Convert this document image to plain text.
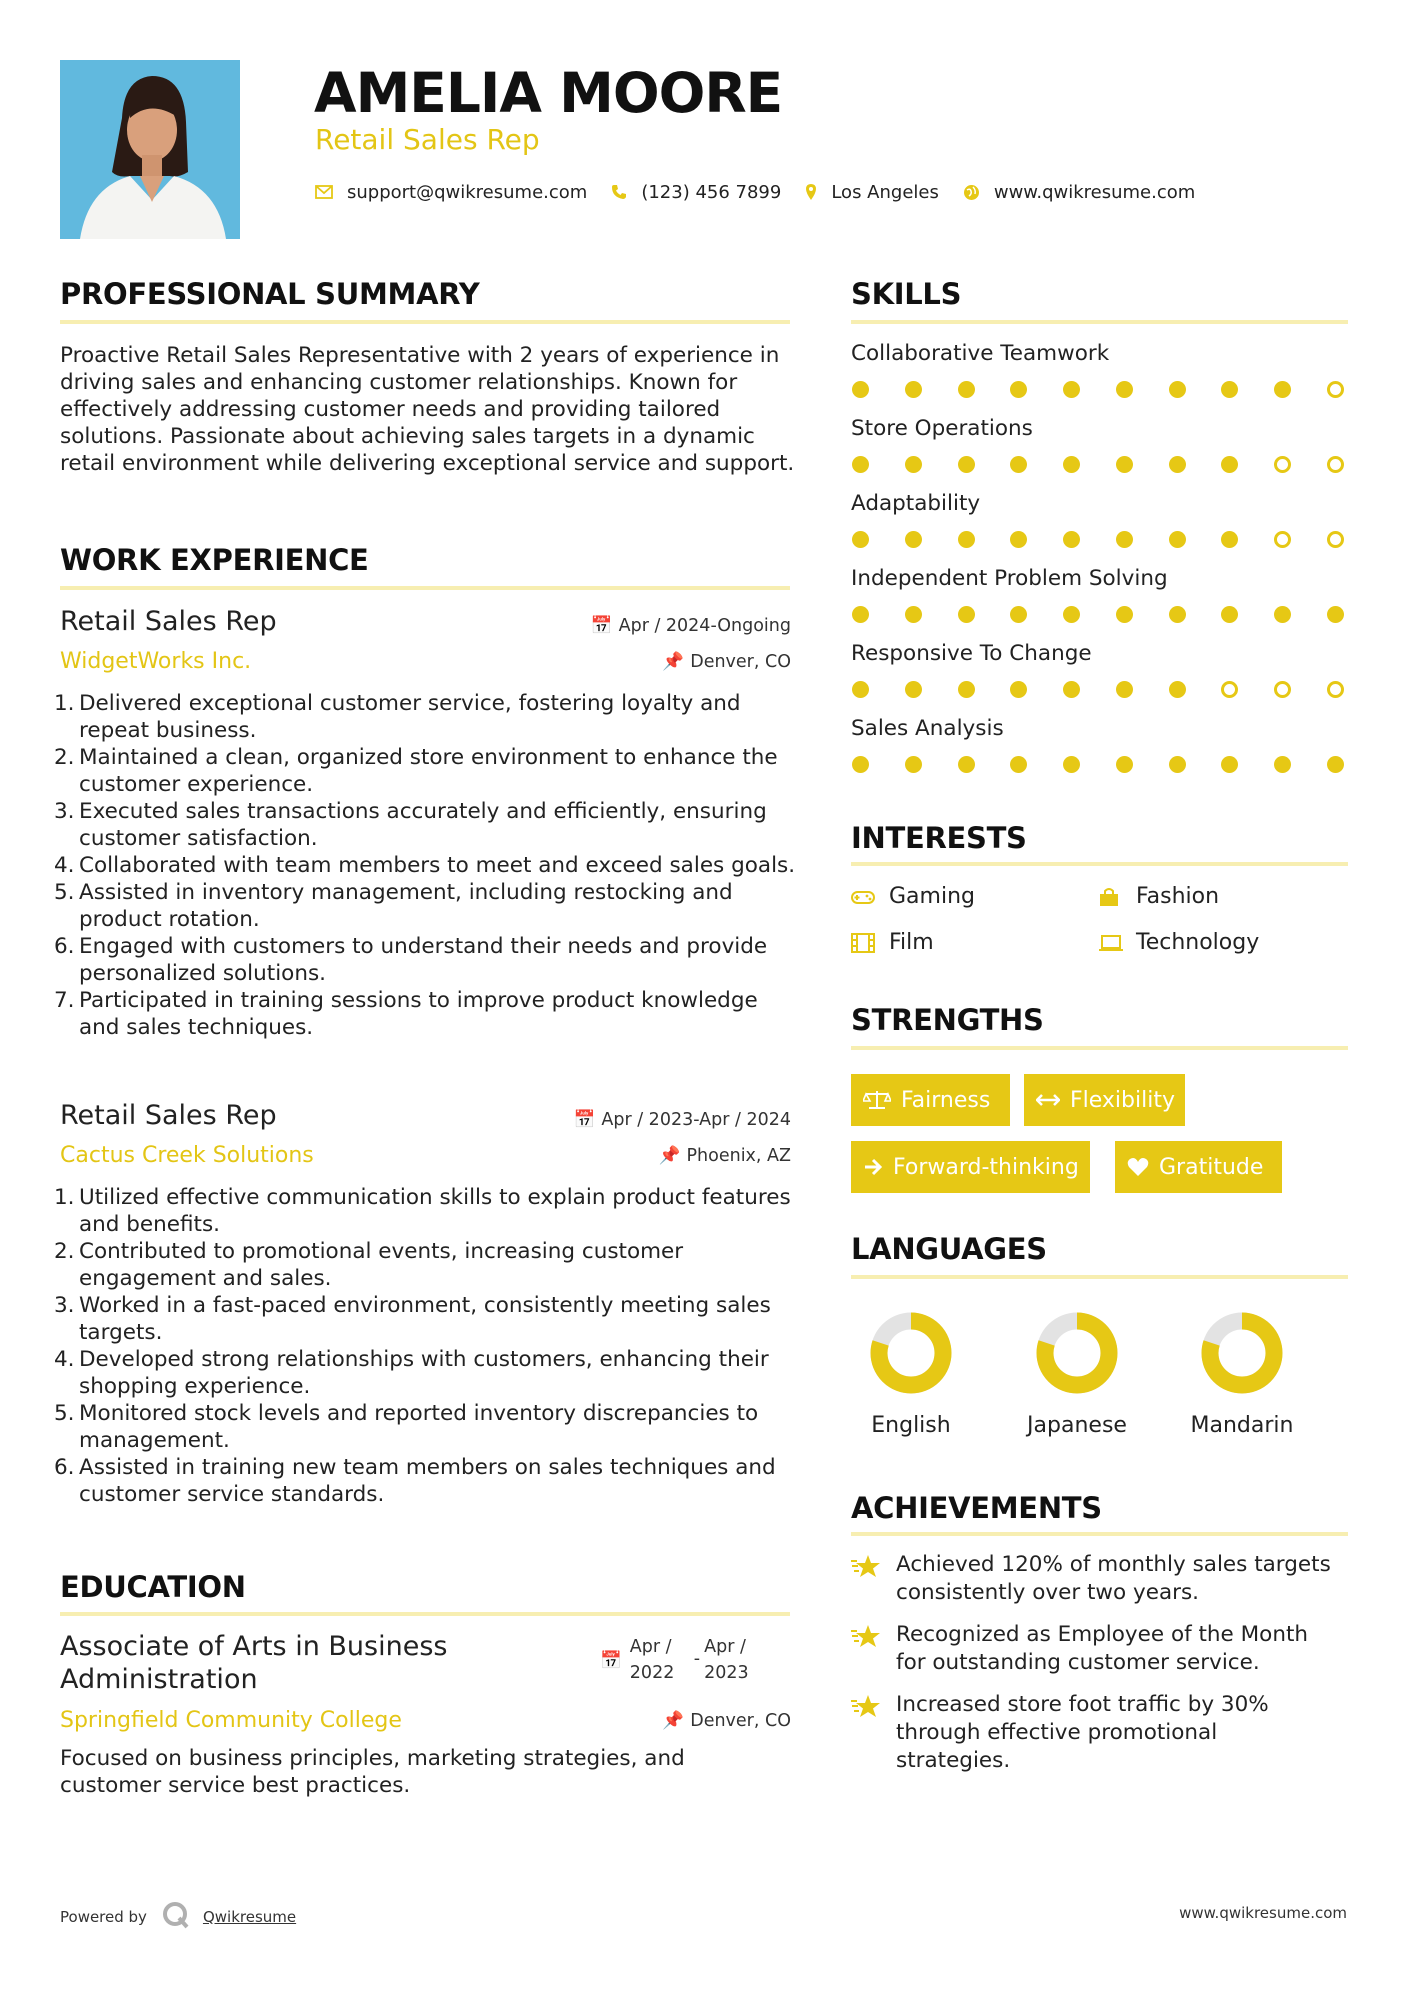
AMELIA MOORE
Retail Sales Rep
support@qwikresume.com	(123) 456 7899	Los Angeles	www.qwikresume.com
PROFESSIONAL SUMMARY
Proactive Retail Sales Representative with 2 years of experience in driving sales and enhancing customer relationships. Known for effectively addressing customer needs and providing tailored solutions. Passionate about achieving sales targets in a dynamic retail environment while delivering exceptional service and support.
WORK EXPERIENCE
Retail Sales Rep	📅 Apr / 2024-Ongoing
WidgetWorks Inc.	📌 Denver, CO
1. Delivered exceptional customer service, fostering loyalty and repeat business.
2. Maintained a clean, organized store environment to enhance the customer experience.
3. Executed sales transactions accurately and efficiently, ensuring customer satisfaction.
4. Collaborated with team members to meet and exceed sales goals.
5. Assisted in inventory management, including restocking and product rotation.
6. Engaged with customers to understand their needs and provide personalized solutions.
7. Participated in training sessions to improve product knowledge and sales techniques.
Retail Sales Rep	📅 Apr / 2023-Apr / 2024
Cactus Creek Solutions	📌 Phoenix, AZ
1. Utilized effective communication skills to explain product features and benefits.
2. Contributed to promotional events, increasing customer engagement and sales.
3. Worked in a fast-paced environment, consistently meeting sales targets.
4. Developed strong relationships with customers, enhancing their shopping experience.
5. Monitored stock levels and reported inventory discrepancies to management.
6. Assisted in training new team members on sales techniques and customer service standards.
EDUCATION
Associate of Arts in Business Administration
📅
Apr / 2022
-
Apr / 2023
Springfield Community College	📌 Denver, CO
Focused on business principles, marketing strategies, and customer service best practices.
SKILLS
Collaborative Teamwork
Store Operations
Adaptability
Independent Problem Solving
Responsive To Change
Sales Analysis
INTERESTS
Gaming	Fashion
Film	Technology
STRENGTHS
Fairness	Flexibility
Forward-thinking	Gratitude
LANGUAGES
English	Japanese	Mandarin
ACHIEVEMENTS
Achieved 120% of monthly sales targets consistently over two years.
Recognized as Employee of the Month for outstanding customer service.
Increased store foot traffic by 30% through effective promotional strategies.
Powered by	Qwikresume	www.qwikresume.com
